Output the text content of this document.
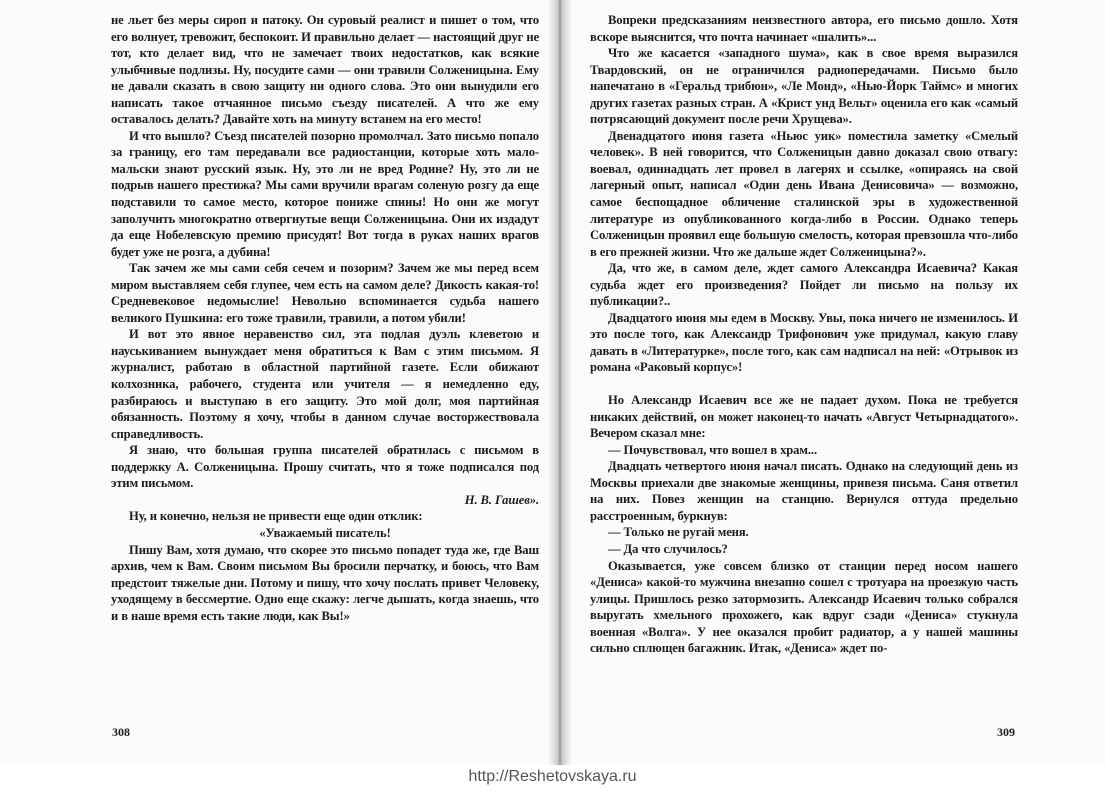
не льет без меры сироп и патоку. Он суровый реалист и пишет о том, что его волнует, тревожит, беспокоит. И правильно делает — настоящий друг не тот, кто делает вид, что не замечает твоих недостатков, как всякие улыбчивые подлизы. Ну, посудите сами — они травили Солженицына. Ему не давали сказать в свою защиту ни одного слова. Это они вынудили его написать такое отчаянное письмо съезду писателей. А что же ему оставалось делать? Давайте хоть на минуту встанем на его место!

И что вышло? Съезд писателей позорно промолчал. Зато письмо попало за границу, его там передавали все радиостанции, которые хоть мало-мальски знают русский язык. Ну, это ли не вред Родине? Ну, это ли не подрыв нашего престижа? Мы сами вручили врагам соленую розгу да еще подставили то самое место, которое пониже спины! Но они же могут заполучить многократно отвергнутые вещи Солженицына. Они их издадут да еще Нобелевскую премию присудят! Вот тогда в руках наших врагов будет уже не розга, а дубина!

Так зачем же мы сами себя сечем и позорим? Зачем же мы перед всем миром выставляем себя глупее, чем есть на самом деле? Дикость какая-то! Средневековое недомыслие! Невольно вспоминается судьба нашего великого Пушкина: его тоже травили, травили, а потом убили!

И вот это явное неравенство сил, эта подлая дуэль клеветою и науськиванием вынуждает меня обратиться к Вам с этим письмом. Я журналист, работаю в областной партийной газете. Если обижают колхозника, рабочего, студента или учителя — я немедленно еду, разбираюсь и выступаю в его защиту. Это мой долг, моя партийная обязанность. Поэтому я хочу, чтобы в данном случае восторжествовала справедливость.

Я знаю, что большая группа писателей обратилась с письмом в поддержку А. Солженицына. Прошу считать, что я тоже подписался под этим письмом.

Н. В. Гашев».

Ну, и конечно, нельзя не привести еще один отклик:

«Уважаемый писатель!

Пишу Вам, хотя думаю, что скорее это письмо попадет туда же, где Ваш архив, чем к Вам. Своим письмом Вы бросили перчатку, и боюсь, что Вам предстоит тяжелые дни. Потому и пишу, что хочу послать привет Человеку, уходящему в бессмертие. Одно еще скажу: легче дышать, когда знаешь, что и в наше время есть такие люди, как Вы!»

Вопреки предсказаниям неизвестного автора, его письмо дошло. Хотя вскоре выяснится, что почта начинает «шалить»...

Что же касается «западного шума», как в свое время выразился Твардовский, он не ограничился радиопередачами. Письмо было напечатано в «Геральд трибюн», «Ле Монд», «Нью-Йорк Таймс» и многих других газетах разных стран. А «Крист унд Вельт» оценила его как «самый потрясающий документ после речи Хрущева».

Двенадцатого июня газета «Ньюс уик» поместила заметку «Смелый человек». В ней говорится, что Солженицын давно доказал свою отвагу: воевал, одиннадцать лет провел в лагерях и ссылке, «опираясь на свой лагерный опыт, написал «Один день Ивана Денисовича» — возможно, самое беспощадное обличение сталинской эры в художественной литературе из опубликованного когда-либо в России. Однако теперь Солженицын проявил еще большую смелость, которая превзошла что-либо в его прежней жизни. Что же дальше ждет Солженицына?».

Да, что же, в самом деле, ждет самого Александра Исаевича? Какая судьба ждет его произведения? Пойдет ли письмо на пользу их публикации?..

Двадцатого июня мы едем в Москву. Увы, пока ничего не изменилось. И это после того, как Александр Трифонович уже придумал, какую главу давать в «Литературке», после того, как сам надписал на ней: «Отрывок из романа «Раковый корпус»!

Но Александр Исаевич все же не падает духом. Пока не требуется никаких действий, он может наконец-то начать «Август Четырнадцатого». Вечером сказал мне:

— Почувствовал, что вошел в храм...

Двадцать четвертого июня начал писать. Однако на следующий день из Москвы приехали две знакомые женщины, привезя письма. Саня ответил на них. Повез женщин на станцию. Вернулся оттуда предельно расстроенным, буркнув:

— Только не ругай меня.

— Да что случилось?

Оказывается, уже совсем близко от станции перед носом нашего «Дениса» какой-то мужчина внезапно сошел с тротуара на проезжую часть улицы. Пришлось резко затормозить. Александр Исаевич только собрался выругать хмельного прохожего, как вдруг сзади «Дениса» стукнула военная «Волга». У нее оказался пробит радиатор, а у нашей машины сильно сплющен багажник. Итак, «Дениса» ждет по-

308	309
http://Reshetovskaya.ru
